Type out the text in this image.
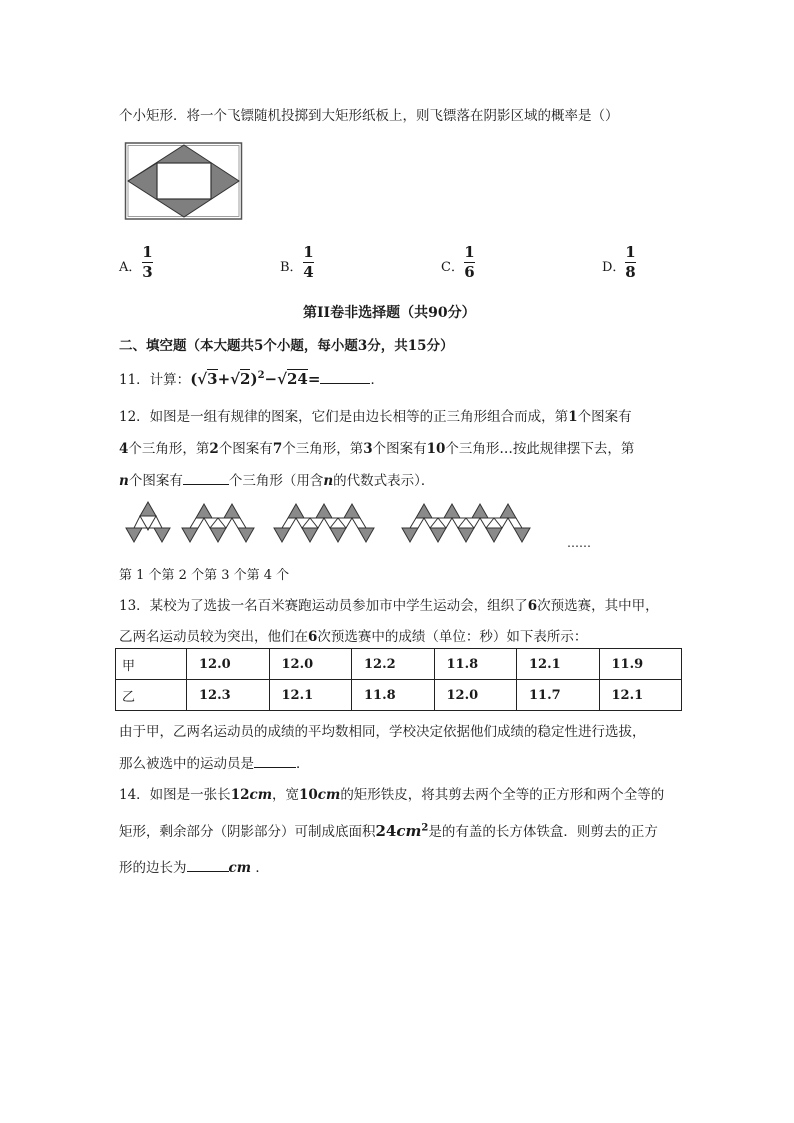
个小矩形．将一个飞镖随机投掷到大矩形纸板上，则飞镖落在阴影区域的概率是（）
A．
1
3	B．
1
4	C．
1
6	D．
1
8
第II卷非选择题（共90分）
二、填空题（本大题共5个小题，每小题3分，共15分）
11．计算：$(√3+√2)^2-√24=$	．
12．如图是一组有规律的图案，它们是由边长相等的正三角形组合而成，第1个图案有
4个三角形，第2个图案有7个三角形，第3个图案有10个三角形…按此规律摆下去，第
n个图案有	个三角形（用含n的代数式表示）．
……
第 1 个第 2 个第 3 个第 4 个
13．某校为了选拔一名百米赛跑运动员参加市中学生运动会，组织了6次预选赛，其中甲，
乙两名运动员较为突出，他们在6次预选赛中的成绩（单位：秒）如下表所示：
甲	12.0	12.0	12.2	11.8	12.1	11.9
乙	12.3	12.1	11.8	12.0	11.7	12.1
由于甲，乙两名运动员的成绩的平均数相同，学校决定依据他们成绩的稳定性进行选拔，
那么被选中的运动员是	．
14．如图是一张长12cm，宽10cm的矩形铁皮，将其剪去两个全等的正方形和两个全等的
矩形，剩余部分（阴影部分）可制成底面积$24cm^2$是的有盖的长方体铁盒．则剪去的正方
形的边长为	cm ．
